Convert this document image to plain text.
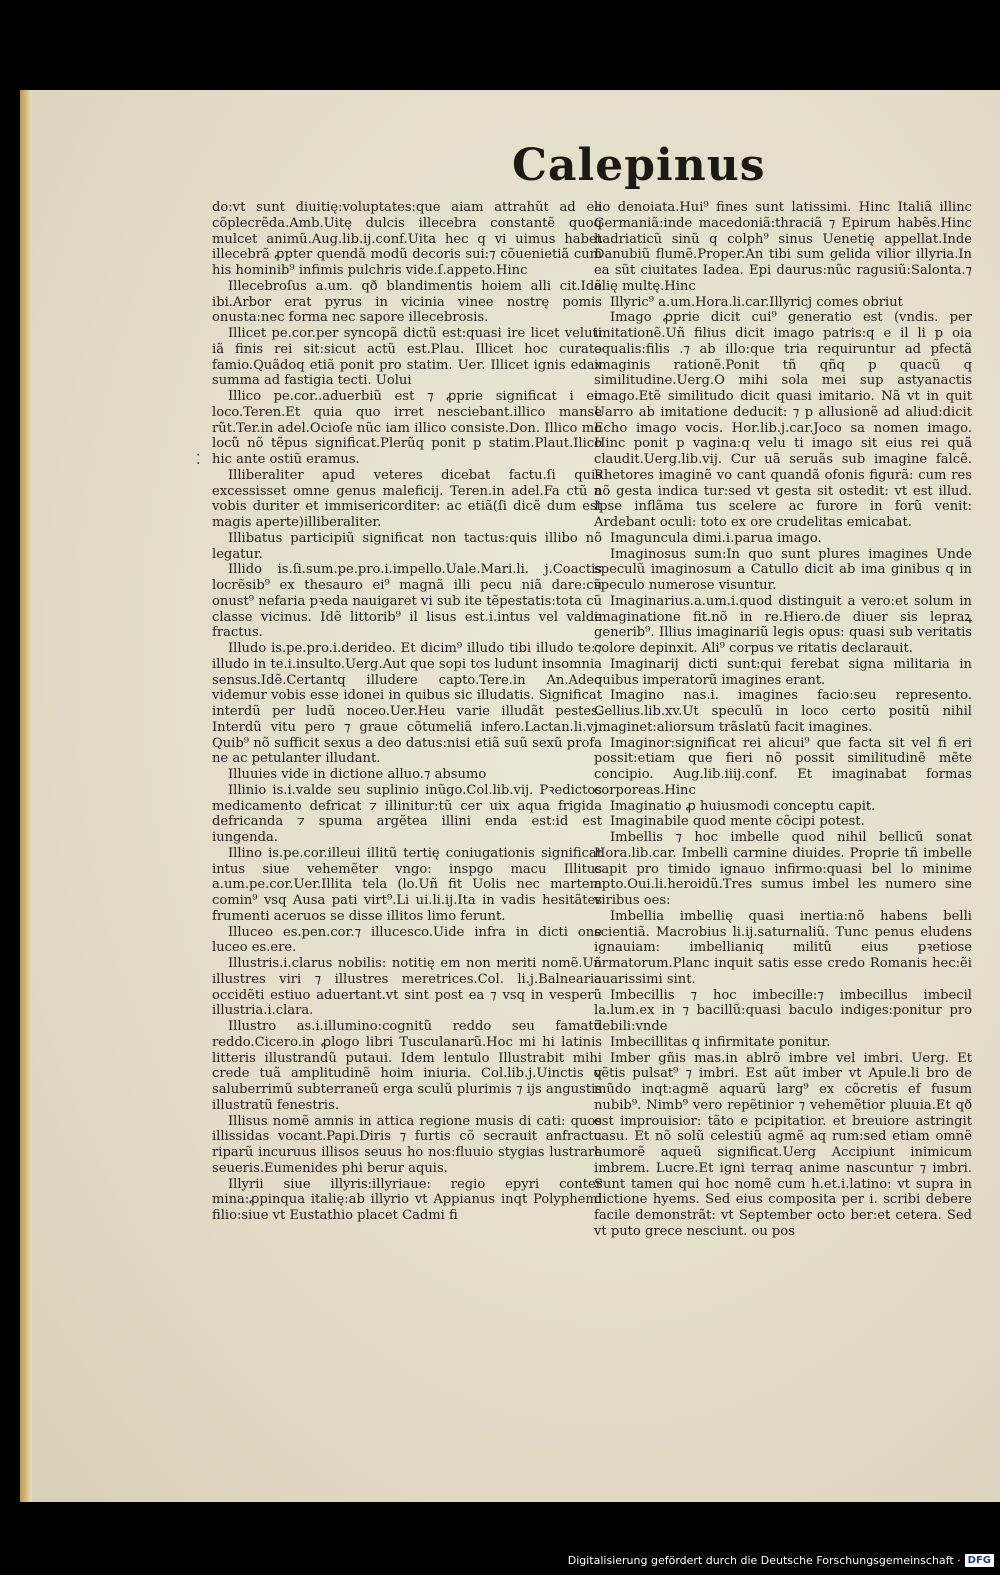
Calepinus
⁚

do:vt sunt diuitię:voluptates:que aiam attrahũt ad ea cõplecrẽda.Amb.Uitę dulcis illecebra constantẽ quoq mulcet animũ.Aug.lib.ij.conf.Uita hec q vi uimus habet illecebrã ꝓpter quendã modũ decoris sui:⁊ cõuenietiã cum his hominib⁹ infimis pulchris vide.ſ.appeto.Hinc

Illecebroſus a.um. qð blandimentis hoiem alli cit.Idẽ ibi.Arbor erat pyrus in vicinia vinee nostrę pomis onusta:nec forma nec sapore illecebrosis.

Illicet pe.cor.per syncopã dictũ est:quasi ire licet veluti iã finis rei sit:sicut actũ est.Plau. Illicet hoc curato famio.Quãdoq etiã ponit pro statim. Uer. Illicet ignis edax summa ad fastigia tecti. Uolui

Illico pe.cor..aduerbiũ est ⁊ ꝓprie significat i eo loco.Teren.Et quia quo irret nesciebant.illico manse rũt.Ter.in adel.Ocioſe nũc iam illico consiste.Don. Illico mo locũ nõ tẽpus significat.Plerũq ponit p statim.Plaut.Ilico hic ante ostiũ eramus.

Illiberaliter apud veteres dicebat factu.ſi quis excessisset omne genus maleficij. Teren.in adel.Fa ctũ a vobis duriter et immisericorditer: ac etiã(ſi dicẽ dum est magis aperte)illiberaliter.

Illibatus participiũ significat non tactus:quis illibo nõ legatur.

Illido is.ſi.sum.pe.pro.i.impello.Uale.Mari.li. j.Coactis locrẽsib⁹ ex thesauro ei⁹ magnã illi pecu niã dare:cũ onust⁹ nefaria pꝛeda nauigaret vi sub ite tẽpestatis:tota cũ classe vicinus. Idẽ littorib⁹ il lisus est.i.intus vel valde fractus.

Illudo is.pe.pro.i.derideo. Et dicim⁹ illudo tibi illudo te:⁊ illudo in te.i.insulto.Uerg.Aut que sopi tos ludunt insomnia sensus.Idẽ.Certantq illudere capto.Tere.in An.Adeo videmur vobis esse idonei in quibus sic illudatis. Significat interdũ per ludũ noceo.Uer.Heu varie illudãt pestes. Interdũ vitu pero ⁊ graue cõtumeliã infero.Lactan.li.vj. Quib⁹ nõ sufficit sexus a deo datus:nisi etiã suũ sexũ profa ne ac petulanter illudant.

Illuuies vide in dictione alluo.⁊ absumo

Illinio is.i.valde seu suplinio inũgo.Col.lib.vij. Pꝛedictos medicamento defricat ⁊ illinitur:tũ cer uix aqua frigida defricanda ⁊ spuma argẽtea illini enda est:id est iungenda.

Illino is.pe.cor.illeui illitũ tertię coniugationis significat intus siue vehemẽter vngo: inspgo macu Illitus a.um.pe.cor.Uer.Illita tela (lo.Uñ fit Uolis nec martem comin⁹ vsq Ausa pati virt⁹.Li ui.li.ij.Ita in vadis hesitãtes frumenti aceruos se disse illitos limo ferunt.

Illuceo es.pen.cor.⁊ illucesco.Uide infra in dicti one luceo es.ere.

Illustris.i.clarus nobilis: notitię em non meriti nomẽ.Uñ illustres viri ⁊ illustres meretrices.Col. li.j.Balnearia occidẽti estiuo aduertant.vt sint post ea ⁊ vsq in vesperũ illustria.i.clara.

Illustro as.i.illumino:cognitũ reddo seu famatũ reddo.Cicero.in ꝓlogo libri Tusculanarũ.Hoc mi hi latinis litteris illustrandũ putaui. Idem lentulo Illustrabit mihi crede tuã amplitudinẽ hoim iniuria. Col.lib.j.Uinctis q saluberrimũ subterraneũ erga sculũ plurimis ⁊ ijs angustis illustratũ fenestris.

Illisus nomẽ amnis in attica regione musis di cati: quos illissidas vocant.Papi.Diris ⁊ furtis cõ secrauit anfractu riparũ incuruus illisos seuus ho nos:fluuio stygias lustrare seueris.Eumenides phi berur aquis.

Illyrii siue illyris:illyriaue: regio epyri conter mina:ꝓpinqua italię:ab illyrio vt Appianus inqt Polyphemi filio:siue vt Eustathio placet Cadmi fi

lio denoiata.Hui⁹ fines sunt latissimi. Hinc Italiã illinc Germaniã:inde macedoniã:thraciã ⁊ Epirum habẽs.Hinc hadriaticũ sinũ q colph⁹ sinus Uenetię appellat.Inde Danubiũ flumẽ.Proper.An tibi sum gelida vilior illyria.In ea sũt ciuitates Iadea. Epi daurus:nũc ragusiũ:Salonta.⁊ alię multę.Hinc

Illyric⁹ a.um.Hora.li.car.Illyricj comes obriut

Imago ꝓprie dicit cui⁹ generatio est (vndis. per imitationẽ.Uñ filius dicit imago patris:q e il li p oia equalis:filis .⁊ ab illo:que tria requiruntur ad pfectã imaginis rationẽ.Ponit tñ qñq p quacũ q similitudine.Uerg.O mihi sola mei sup astyanactis imago.Etẽ similitudo dicit quasi imitario. Nã vt in quit Uarro ab imitatione deducit: ⁊ p allusionẽ ad aliud:dicit Echo imago vocis. Hor.lib.j.car.Joco sa nomen imago. Hinc ponit p vagina:q velu ti imago sit eius rei quã claudit.Uerg.lib.vij. Cur uã seruãs sub imagine falcẽ. Rhetores imaginẽ vo cant quandã ofonis figurã: cum res nõ gesta indica tur:sed vt gesta sit ostedit: vt est illud. Ipse inflãma tus scelere ac furore in forũ venit: Ardebant oculi: toto ex ore crudelitas emicabat.

Imaguncula dimi.i.parua imago.

Imaginosus sum:In quo sunt plures imagines Unde speculũ imaginosum a Catullo dicit ab ima ginibus q in speculo numerose visuntur.

Imaginarius.a.um.i.quod distinguit a vero:et solum in imaginatione fit.nõ in re.Hiero.de diuer sis lepraꝝ generib⁹. Illius imaginariũ legis opus: quasi sub veritatis colore depinxit. Ali⁹ corpus ve ritatis declarauit.

Imaginarij dicti sunt:qui ferebat signa militaria in quibus imperatorũ imagines erant.

Imagino nas.i. imagines facio:seu represento. Gellius.lib.xv.Ut speculũ in loco certo positũ nihil imaginet:aliorsum trãslatũ facit imagines.

Imaginor:significat rei alicui⁹ que facta sit vel fi eri possit:etiam que fieri nõ possit similitudinẽ mẽte concipio. Aug.lib.iiij.conf. Et imaginabat formas corporeas.Hinc

Imaginatio ꝓ huiusmodi conceptu capit.

Imaginabile quod mente cõcipi potest.

Imbellis ⁊ hoc imbelle quod nihil bellicũ sonat Hora.lib.car. Imbelli carmine diuides. Proprie tñ imbelle capit pro timido ignauo infirmo:quasi bel lo minime apto.Oui.li.heroidũ.Tres sumus imbel les numero sine viribus oes:

Imbellia imbellię quasi inertia:nõ habens belli scientiã. Macrobius li.ij.saturnaliũ. Tunc penus eludens ignauiam: imbellianiq militũ eius pꝛetiose armatorum.Planc inquit satis esse credo Romanis hec:ẽi auarissimi sint.

Imbecillis ⁊ hoc imbecille:⁊ imbecillus imbecil la.lum.ex in ⁊ bacillũ:quasi baculo indiges:ponitur pro debili:vnde

Imbecillitas q infirmitate ponitur.

Imber gñis mas.in ablrõ imbre vel imbri. Uerg. Et vẽtis pulsat⁹ ⁊ imbri. Est aũt imber vt Apule.li bro de mũdo inqt:agmẽ aquarũ larg⁹ ex cõcretis ef fusum nubib⁹. Nimb⁹ vero repẽtinior ⁊ vehemẽtior pluuia.Et qð est improuisior: tãto e pcipitatior. et breuiore astringit casu. Et nõ solũ celestiũ agmẽ aq rum:sed etiam omnẽ humorẽ aqueũ significat.Uerg Accipiunt inimicum imbrem. Lucre.Et igni terraq anime nascuntur ⁊ imbri. Sunt tamen qui hoc nomẽ cum h.et.i.latino: vt supra in dictione hyems. Sed eius composita per i. scribi debere facile demonstrãt: vt September octo ber:et cetera. Sed vt puto grece nesciunt. ou pos

Digitalisierung gefördert durch die Deutsche Forschungsgemeinschaft · DFG
